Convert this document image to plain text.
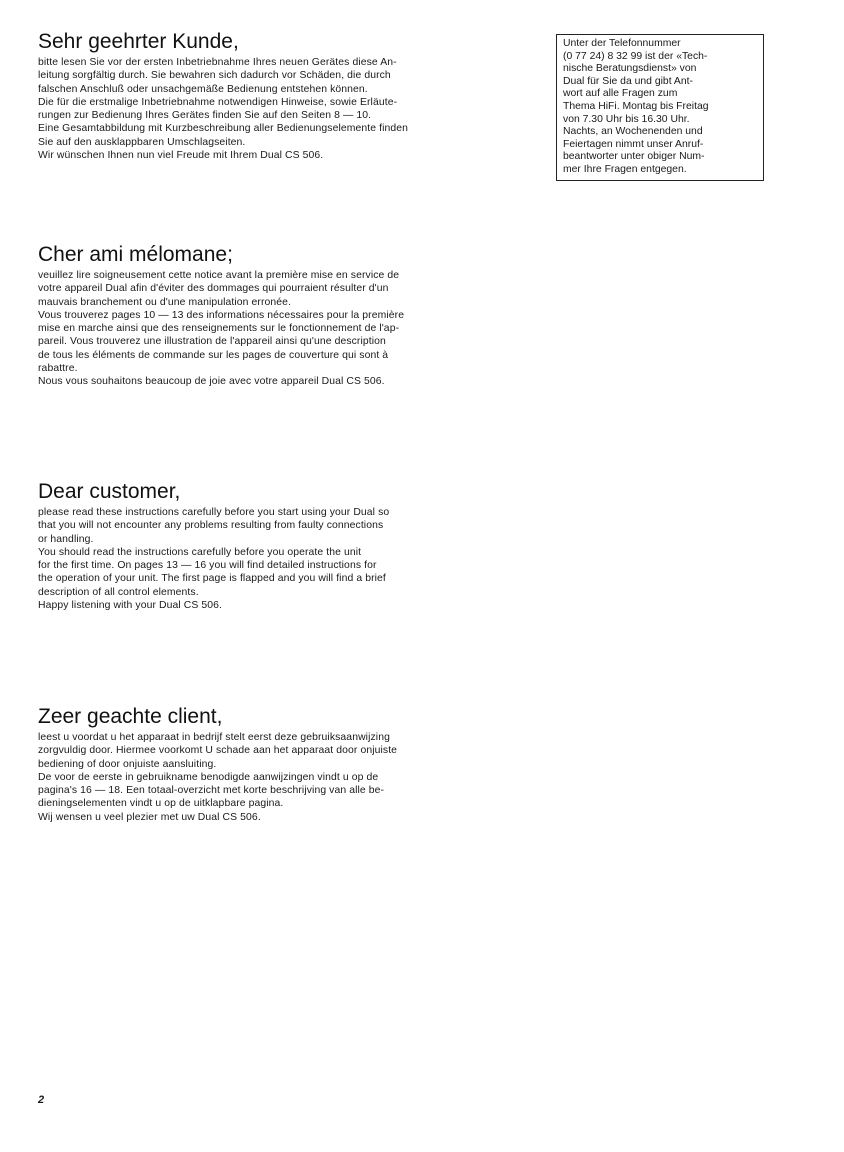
Sehr geehrter Kunde,

bitte lesen Sie vor der ersten Inbetriebnahme Ihres neuen Gerätes diese An-
leitung sorgfältig durch. Sie bewahren sich dadurch vor Schäden, die durch
falschen Anschluß oder unsachgemäße Bedienung entstehen können.
Die für die erstmalige Inbetriebnahme notwendigen Hinweise, sowie Erläute-
rungen zur Bedienung Ihres Gerätes finden Sie auf den Seiten 8 — 10.
Eine Gesamtabbildung mit Kurzbeschreibung aller Bedienungselemente finden
Sie auf den ausklappbaren Umschlagseiten.
Wir wünschen Ihnen nun viel Freude mit Ihrem Dual CS 506.

Unter der Telefonnummer
(0 77 24) 8 32 99 ist der «Tech-
nische Beratungsdienst» von
Dual für Sie da und gibt Ant-
wort auf alle Fragen zum
Thema HiFi. Montag bis Freitag
von 7.30 Uhr bis 16.30 Uhr.
Nachts, an Wochenenden und
Feiertagen nimmt unser Anruf-
beantworter unter obiger Num-
mer Ihre Fragen entgegen.
Cher ami mélomane;

veuillez lire soigneusement cette notice avant la première mise en service de
votre appareil Dual afin d'éviter des dommages qui pourraient résulter d'un
mauvais branchement ou d'une manipulation erronée.
Vous trouverez pages 10 — 13 des informations nécessaires pour la première
mise en marche ainsi que des renseignements sur le fonctionnement de l'ap-
pareil. Vous trouverez une illustration de l'appareil ainsi qu'une description
de tous les éléments de commande sur les pages de couverture qui sont à
rabattre.
Nous vous souhaitons beaucoup de joie avec votre appareil Dual CS 506.

Dear customer,

please read these instructions carefully before you start using your Dual so
that you will not encounter any problems resulting from faulty connections
or handling.
You should read the instructions carefully before you operate the unit
for the first time. On pages 13 — 16 you will find detailed instructions for
the operation of your unit. The first page is flapped and you will find a brief
description of all control elements.
Happy listening with your Dual CS 506.

Zeer geachte client,

leest u voordat u het apparaat in bedrijf stelt eerst deze gebruiksaanwijzing
zorgvuldig door. Hiermee voorkomt U schade aan het apparaat door onjuiste
bediening of door onjuiste aansluiting.
De voor de eerste in gebruikname benodigde aanwijzingen vindt u op de
pagina's 16 — 18. Een totaal-overzicht met korte beschrijving van alle be-
dieningselementen vindt u op de uitklapbare pagina.
Wij wensen u veel plezier met uw Dual CS 506.

2
